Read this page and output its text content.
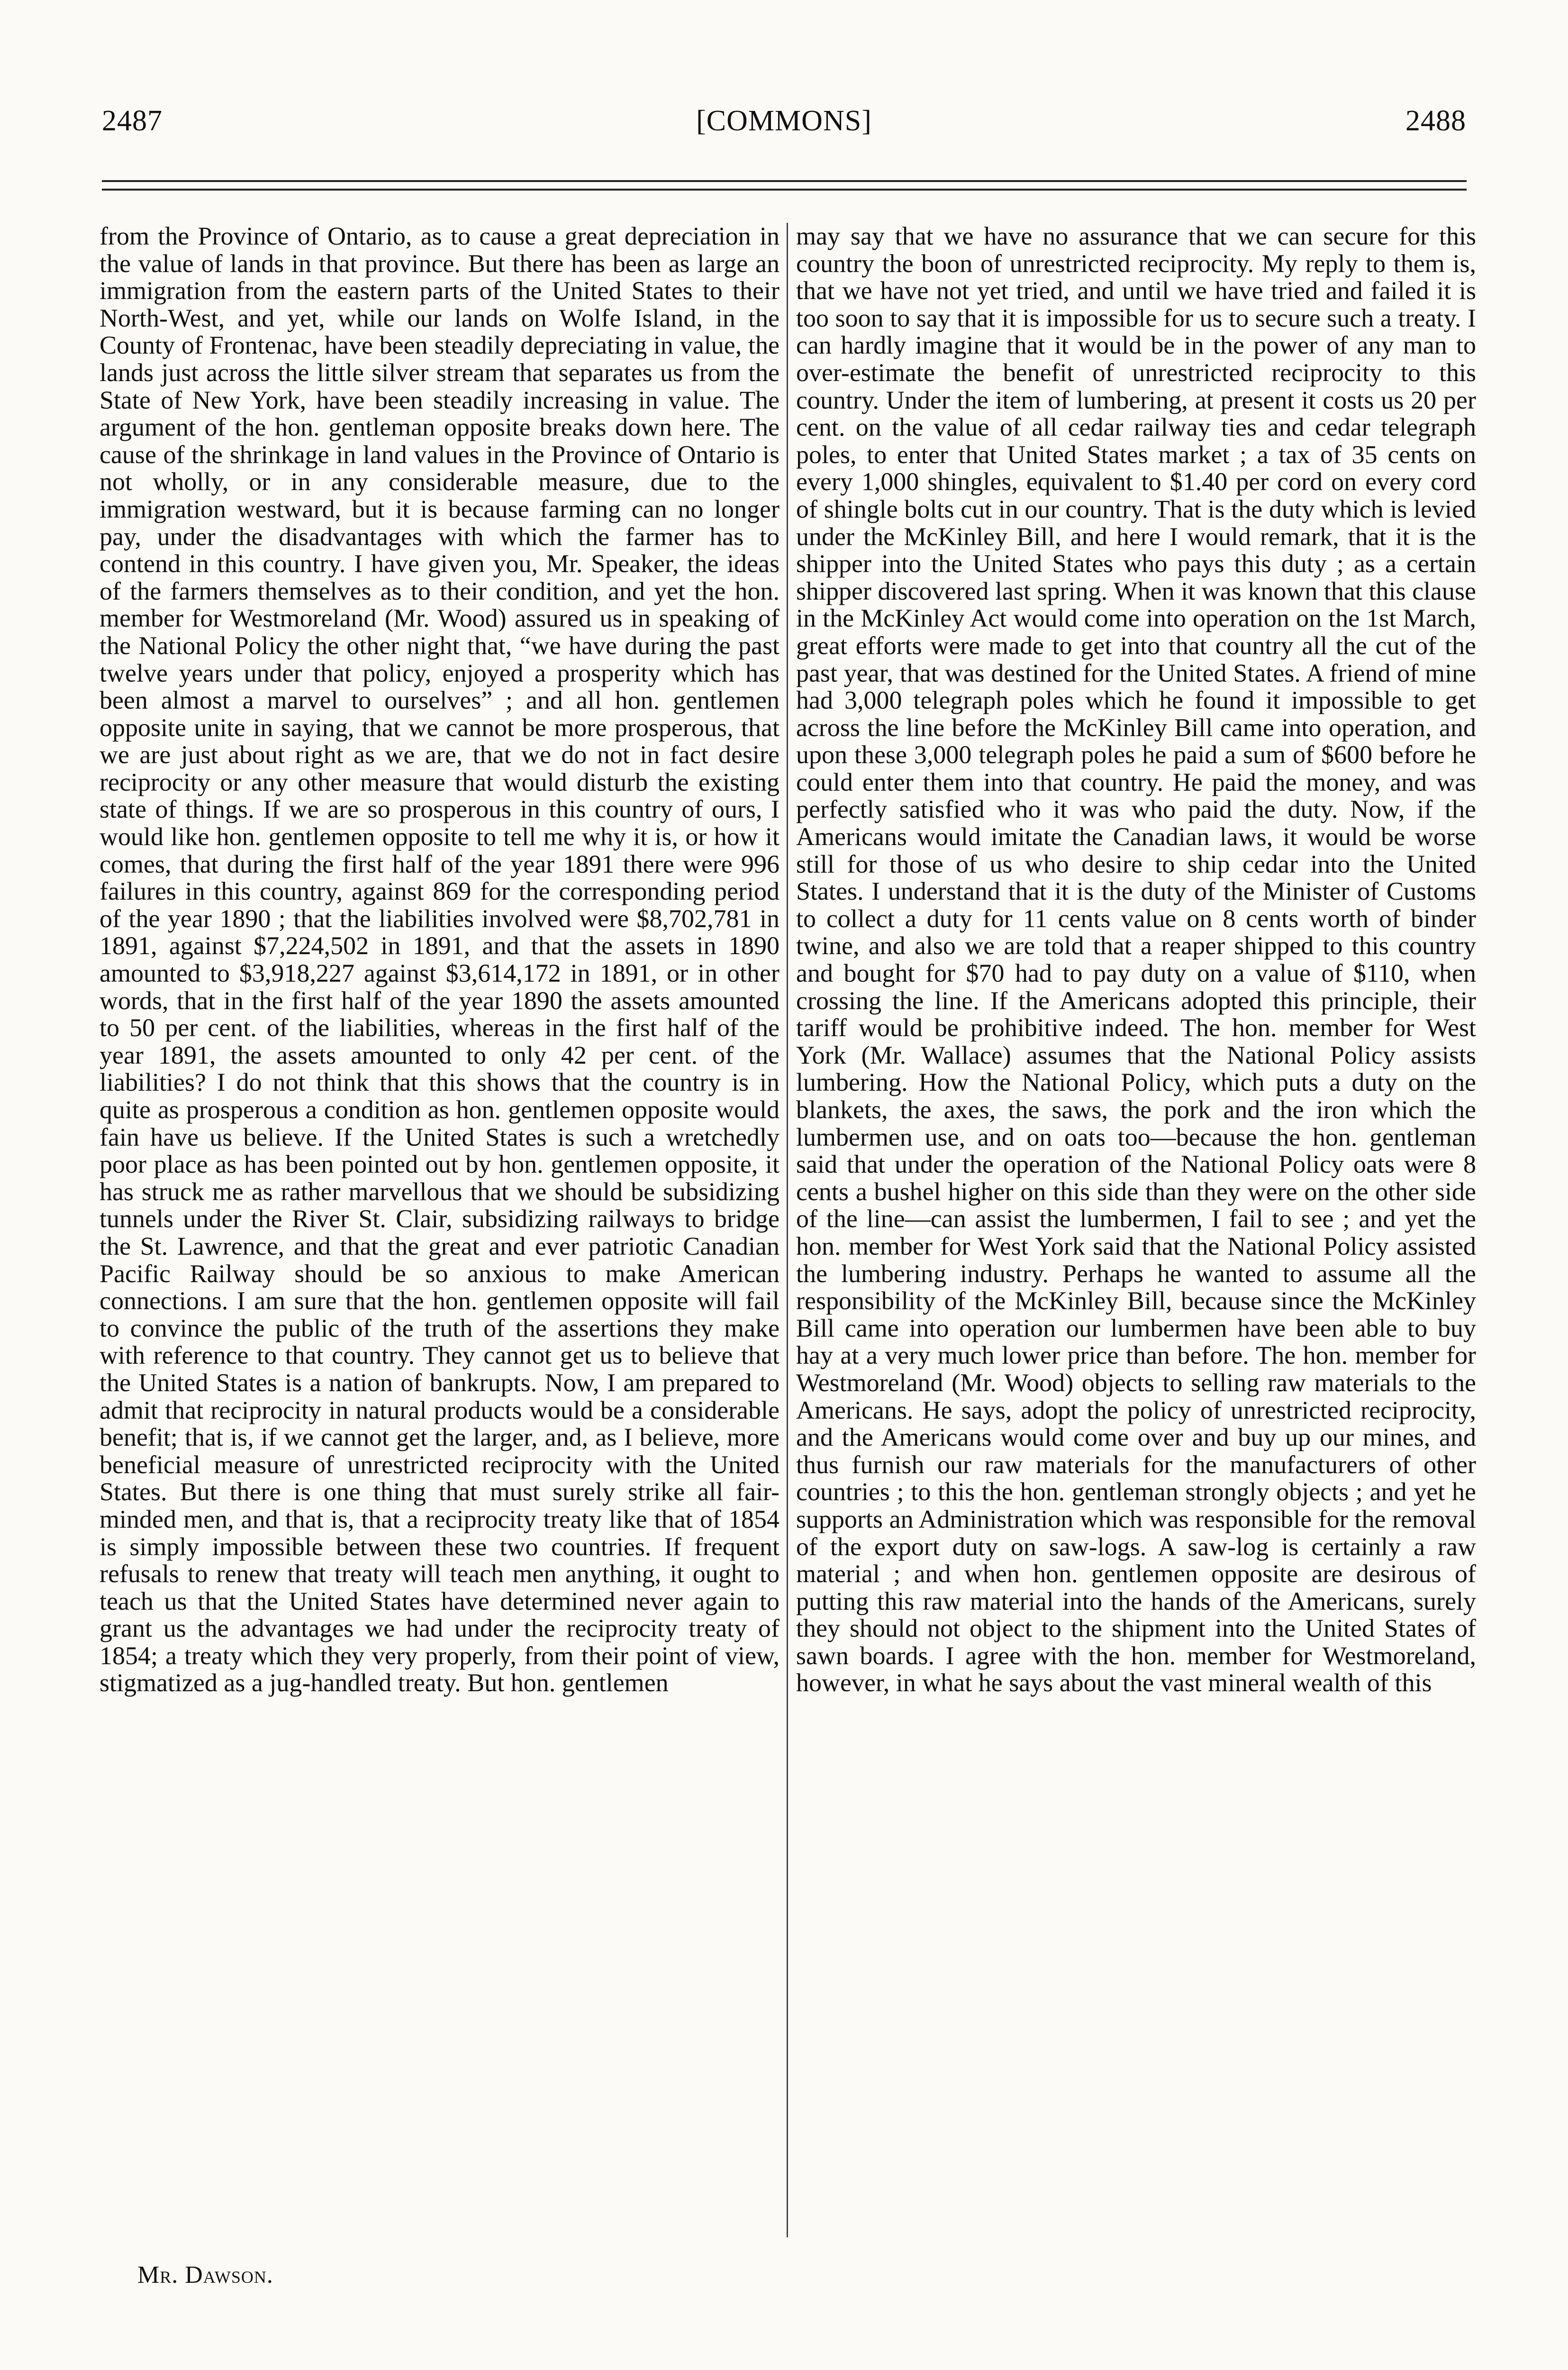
2487	[COMMONS]	2488

from the Province of Ontario, as to cause a great depreciation in the value of lands in that province. But there has been as large an immigration from the eastern parts of the United States to their North-West, and yet, while our lands on Wolfe Island, in the County of Frontenac, have been steadily depreciating in value, the lands just across the little silver stream that separates us from the State of New York, have been steadily increasing in value. The argument of the hon. gentleman opposite breaks down here. The cause of the shrinkage in land values in the Province of Ontario is not wholly, or in any considerable measure, due to the immigration westward, but it is because farming can no longer pay, under the disadvantages with which the farmer has to contend in this country. I have given you, Mr. Speaker, the ideas of the farmers themselves as to their condition, and yet the hon. member for Westmoreland (Mr. Wood) assured us in speaking of the National Policy the other night that, “we have during the past twelve years under that policy, enjoyed a prosperity which has been almost a marvel to ourselves” ; and all hon. gentlemen opposite unite in saying, that we cannot be more prosperous, that we are just about right as we are, that we do not in fact desire reciprocity or any other measure that would disturb the existing state of things. If we are so prosperous in this country of ours, I would like hon. gentlemen opposite to tell me why it is, or how it comes, that during the first half of the year 1891 there were 996 failures in this country, against 869 for the corresponding period of the year 1890 ; that the liabilities involved were $8,702,781 in 1891, against $7,224,502 in 1891, and that the assets in 1890 amounted to $3,918,227 against $3,614,172 in 1891, or in other words, that in the first half of the year 1890 the assets amounted to 50 per cent. of the liabilities, whereas in the first half of the year 1891, the assets amounted to only 42 per cent. of the liabilities? I do not think that this shows that the country is in quite as prosperous a condition as hon. gentlemen opposite would fain have us believe. If the United States is such a wretchedly poor place as has been pointed out by hon. gentlemen opposite, it has struck me as rather marvellous that we should be subsidizing tunnels under the River St. Clair, subsidizing railways to bridge the St. Lawrence, and that the great and ever patriotic Canadian Pacific Railway should be so anxious to make American connections. I am sure that the hon. gentlemen opposite will fail to convince the public of the truth of the assertions they make with reference to that country. They cannot get us to believe that the United States is a nation of bankrupts. Now, I am prepared to admit that reciprocity in natural products would be a considerable benefit; that is, if we cannot get the larger, and, as I believe, more beneficial measure of unrestricted reciprocity with the United States. But there is one thing that must surely strike all fair-minded men, and that is, that a reciprocity treaty like that of 1854 is simply impossible between these two countries. If frequent refusals to renew that treaty will teach men anything, it ought to teach us that the United States have determined never again to grant us the advantages we had under the reciprocity treaty of 1854; a treaty which they very properly, from their point of view, stigmatized as a jug-handled treaty. But hon. gentlemen

may say that we have no assurance that we can secure for this country the boon of unrestricted reciprocity. My reply to them is, that we have not yet tried, and until we have tried and failed it is too soon to say that it is impossible for us to secure such a treaty. I can hardly imagine that it would be in the power of any man to over-estimate the benefit of unrestricted reciprocity to this country. Under the item of lumbering, at present it costs us 20 per cent. on the value of all cedar railway ties and cedar telegraph poles, to enter that United States market ; a tax of 35 cents on every 1,000 shingles, equivalent to $1.40 per cord on every cord of shingle bolts cut in our country. That is the duty which is levied under the McKinley Bill, and here I would remark, that it is the shipper into the United States who pays this duty ; as a certain shipper discovered last spring. When it was known that this clause in the McKinley Act would come into operation on the 1st March, great efforts were made to get into that country all the cut of the past year, that was destined for the United States. A friend of mine had 3,000 telegraph poles which he found it impossible to get across the line before the McKinley Bill came into operation, and upon these 3,000 telegraph poles he paid a sum of $600 before he could enter them into that country. He paid the money, and was perfectly satisfied who it was who paid the duty. Now, if the Americans would imitate the Canadian laws, it would be worse still for those of us who desire to ship cedar into the United States. I understand that it is the duty of the Minister of Customs to collect a duty for 11 cents value on 8 cents worth of binder twine, and also we are told that a reaper shipped to this country and bought for $70 had to pay duty on a value of $110, when crossing the line. If the Americans adopted this principle, their tariff would be prohibitive indeed. The hon. member for West York (Mr. Wallace) assumes that the National Policy assists lumbering. How the National Policy, which puts a duty on the blankets, the axes, the saws, the pork and the iron which the lumbermen use, and on oats too—because the hon. gentleman said that under the operation of the National Policy oats were 8 cents a bushel higher on this side than they were on the other side of the line—can assist the lumbermen, I fail to see ; and yet the hon. member for West York said that the National Policy assisted the lumbering industry. Perhaps he wanted to assume all the responsibility of the McKinley Bill, because since the McKinley Bill came into operation our lumbermen have been able to buy hay at a very much lower price than before. The hon. member for Westmoreland (Mr. Wood) objects to selling raw materials to the Americans. He says, adopt the policy of unrestricted reciprocity, and the Americans would come over and buy up our mines, and thus furnish our raw materials for the manufacturers of other countries ; to this the hon. gentleman strongly objects ; and yet he supports an Administration which was responsible for the removal of the export duty on saw-logs. A saw-log is certainly a raw material ; and when hon. gentlemen opposite are desirous of putting this raw material into the hands of the Americans, surely they should not object to the shipment into the United States of sawn boards. I agree with the hon. member for Westmoreland, however, in what he says about the vast mineral wealth of this

Mr. Dawson.
